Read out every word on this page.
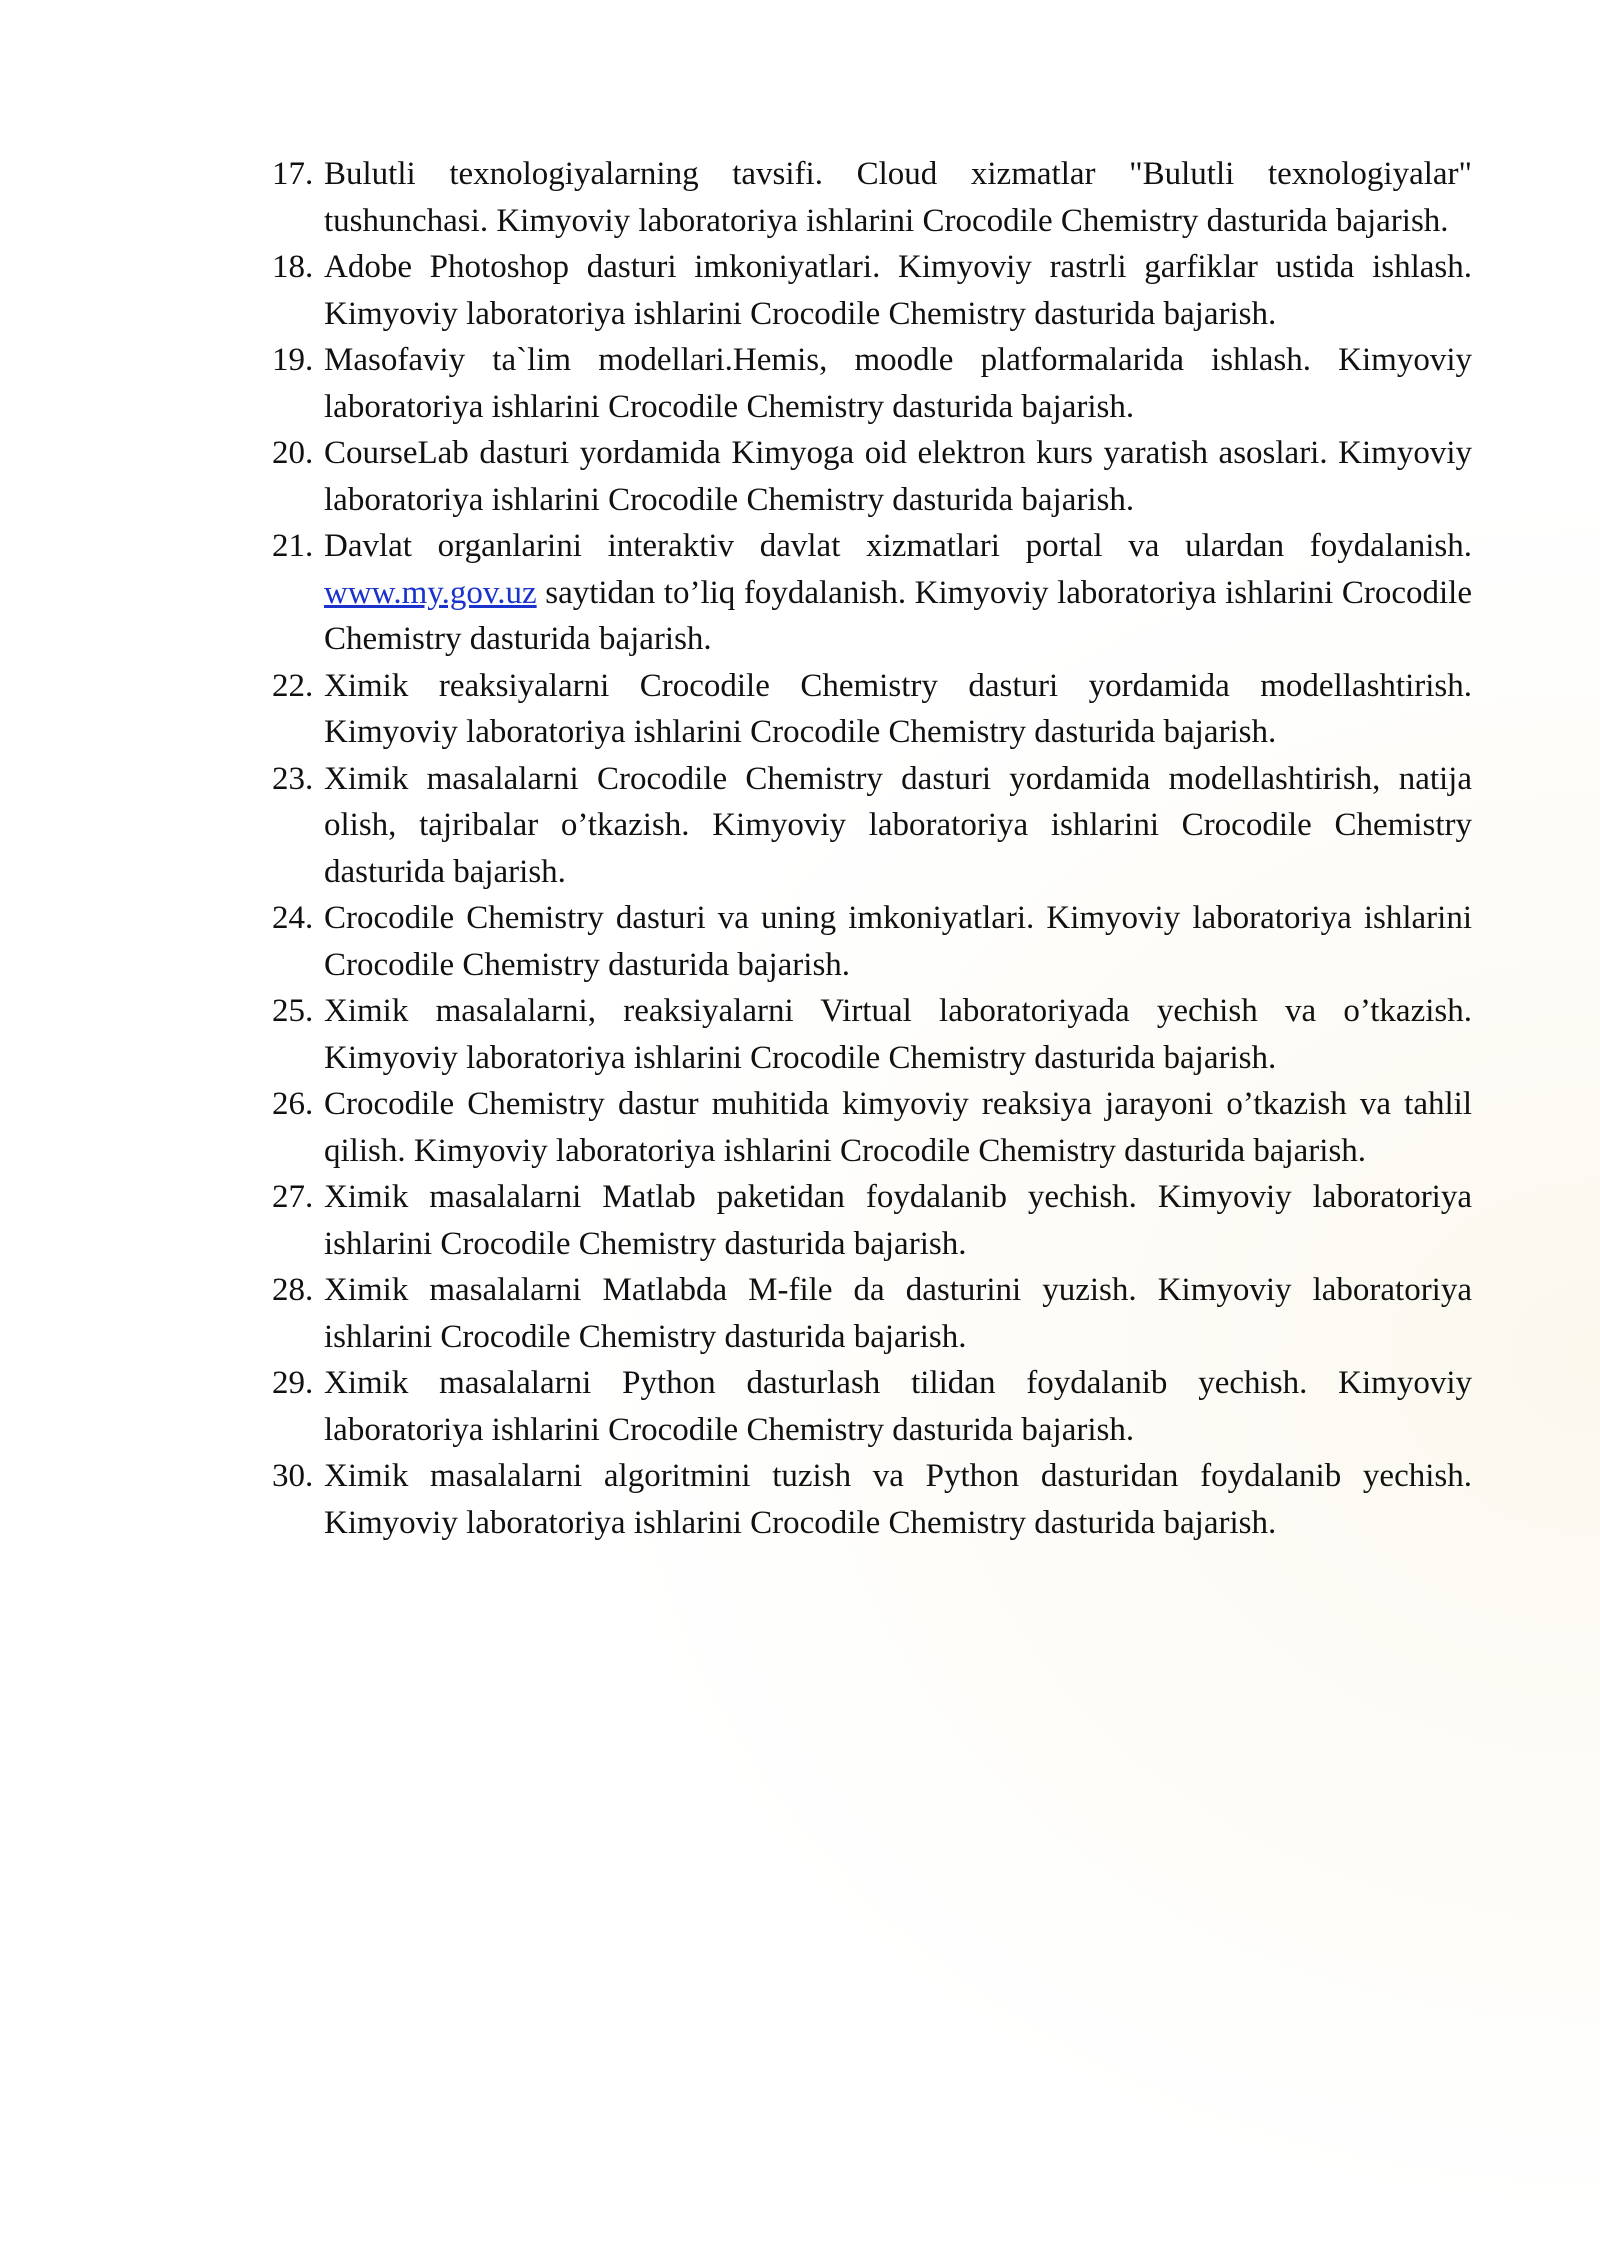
17. Bulutli texnologiyalarning tavsifi. Cloud xizmatlar "Bulutli texnologiyalar" tushunchasi. Kimyoviy laboratoriya ishlarini Crocodile Chemistry dasturida bajarish.
18. Adobe Photoshop dasturi imkoniyatlari. Kimyoviy rastrli garfiklar ustida ishlash. Kimyoviy laboratoriya ishlarini Crocodile Chemistry dasturida bajarish.
19. Masofaviy ta`lim modellari.Hemis, moodle platformalarida ishlash. Kimyoviy laboratoriya ishlarini Crocodile Chemistry dasturida bajarish.
20. CourseLab dasturi yordamida Kimyoga oid elektron kurs yaratish asoslari. Kimyoviy laboratoriya ishlarini Crocodile Chemistry dasturida bajarish.
21. Davlat organlarini interaktiv davlat xizmatlari portal va ulardan foydalanish. www.my.gov.uz saytidan to’liq foydalanish. Kimyoviy laboratoriya ishlarini Crocodile Chemistry dasturida bajarish.
22. Ximik reaksiyalarni Crocodile Chemistry dasturi yordamida modellashtirish. Kimyoviy laboratoriya ishlarini Crocodile Chemistry dasturida bajarish.
23. Ximik masalalarni Crocodile Chemistry dasturi yordamida modellashtirish, natija olish, tajribalar o’tkazish. Kimyoviy laboratoriya ishlarini Crocodile Chemistry dasturida bajarish.
24. Crocodile Chemistry dasturi va uning imkoniyatlari. Kimyoviy laboratoriya ishlarini Crocodile Chemistry dasturida bajarish.
25. Ximik masalalarni, reaksiyalarni Virtual laboratoriyada yechish va o’tkazish. Kimyoviy laboratoriya ishlarini Crocodile Chemistry dasturida bajarish.
26. Crocodile Chemistry dastur muhitida kimyoviy reaksiya jarayoni o’tkazish va tahlil qilish. Kimyoviy laboratoriya ishlarini Crocodile Chemistry dasturida bajarish.
27. Ximik masalalarni Matlab paketidan foydalanib yechish. Kimyoviy laboratoriya ishlarini Crocodile Chemistry dasturida bajarish.
28. Ximik masalalarni Matlabda M-file da dasturini yuzish. Kimyoviy laboratoriya ishlarini Crocodile Chemistry dasturida bajarish.
29. Ximik masalalarni Python dasturlash tilidan foydalanib yechish. Kimyoviy laboratoriya ishlarini Crocodile Chemistry dasturida bajarish.
30. Ximik masalalarni algoritmini tuzish va Python dasturidan foydalanib yechish. Kimyoviy laboratoriya ishlarini Crocodile Chemistry dasturida bajarish.
